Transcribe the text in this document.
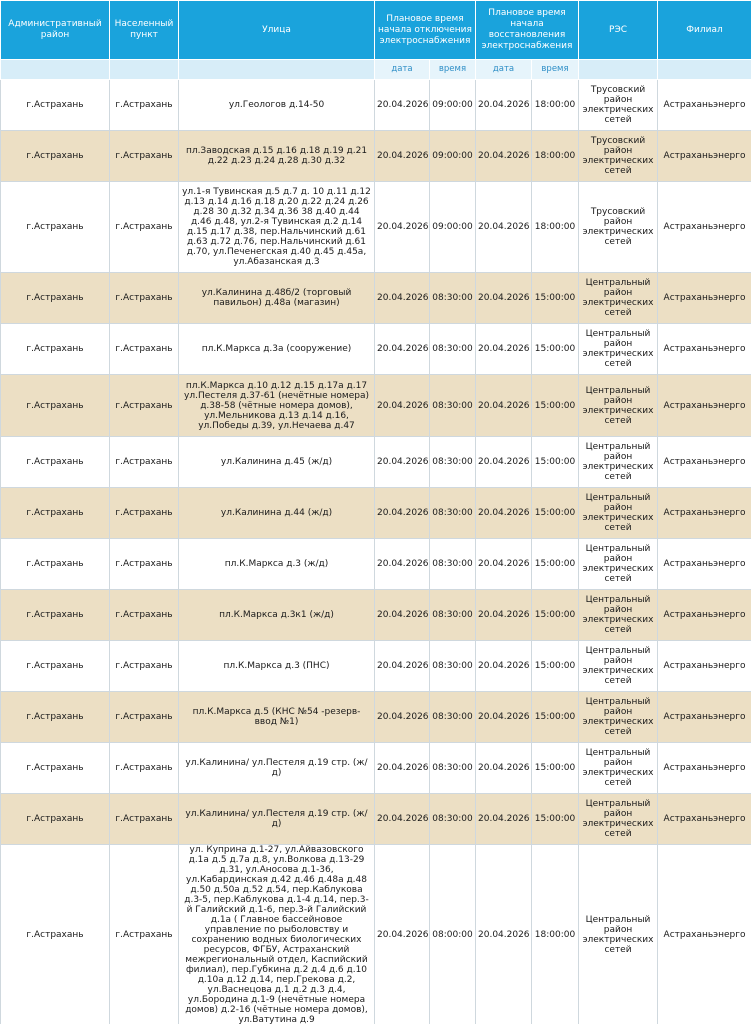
Административный район	Населенный пункт	Улица	Плановое время начала отключения электроснабжения		Плановое время начала восстановления электроснабжения		РЭС	Филиал
			дата	время	дата	время		
г.Астрахань	г.Астрахань	ул.Геологов д.14-50	20.04.2026	09:00:00	20.04.2026	18:00:00	Трусовский район электрических сетей	Астраханьэнерго
г.Астрахань	г.Астрахань	пл.Заводская д.15 д.16 д.18 д.19 д.21 д.22 д.23 д.24 д.28 д.30 д.32	20.04.2026	09:00:00	20.04.2026	18:00:00	Трусовский район электрических сетей	Астраханьэнерго
г.Астрахань	г.Астрахань	ул.1-я Тувинская д.5 д.7 д. 10 д.11 д.12 д.13 д.14 д.16 д.18 д.20 д.22 д.24 д.26 д.28 30 д.32 д.34 д.36 38 д.40 д.44 д.46 д.48, ул.2-я Тувинская д.2 д.14 д.15 д.17 д.38, пер.Нальчинский д.61 д.63 д.72 д.76, пер.Нальчинский д.61 д.70, ул.Печенегская д.40 д.45 д.45а, ул.Абазанская д.3	20.04.2026	09:00:00	20.04.2026	18:00:00	Трусовский район электрических сетей	Астраханьэнерго
г.Астрахань	г.Астрахань	ул.Калинина д.48б/2 (торговый павильон) д.48а (магазин)	20.04.2026	08:30:00	20.04.2026	15:00:00	Центральный район электрических сетей	Астраханьэнерго
г.Астрахань	г.Астрахань	пл.К.Маркса д.3а (сооружение)	20.04.2026	08:30:00	20.04.2026	15:00:00	Центральный район электрических сетей	Астраханьэнерго
г.Астрахань	г.Астрахань	пл.К.Маркса д.10 д.12 д.15 д.17а д.17 ул.Пестеля д.37-61 (нечётные номера) д.38-58 (чётные номера домов), ул.Мельникова д.13 д.14 д.16, ул.Победы д.39, ул.Нечаева д.47	20.04.2026	08:30:00	20.04.2026	15:00:00	Центральный район электрических сетей	Астраханьэнерго
г.Астрахань	г.Астрахань	ул.Калинина д.45 (ж/д)	20.04.2026	08:30:00	20.04.2026	15:00:00	Центральный район электрических сетей	Астраханьэнерго
г.Астрахань	г.Астрахань	ул.Калинина д.44 (ж/д)	20.04.2026	08:30:00	20.04.2026	15:00:00	Центральный район электрических сетей	Астраханьэнерго
г.Астрахань	г.Астрахань	пл.К.Маркса д.3 (ж/д)	20.04.2026	08:30:00	20.04.2026	15:00:00	Центральный район электрических сетей	Астраханьэнерго
г.Астрахань	г.Астрахань	пл.К.Маркса д.3к1 (ж/д)	20.04.2026	08:30:00	20.04.2026	15:00:00	Центральный район электрических сетей	Астраханьэнерго
г.Астрахань	г.Астрахань	пл.К.Маркса д.3 (ПНС)	20.04.2026	08:30:00	20.04.2026	15:00:00	Центральный район электрических сетей	Астраханьэнерго
г.Астрахань	г.Астрахань	пл.К.Маркса д.5 (КНС №54 -резерв-ввод №1)	20.04.2026	08:30:00	20.04.2026	15:00:00	Центральный район электрических сетей	Астраханьэнерго
г.Астрахань	г.Астрахань	ул.Калинина/ ул.Пестеля д.19 стр. (ж/д)	20.04.2026	08:30:00	20.04.2026	15:00:00	Центральный район электрических сетей	Астраханьэнерго
г.Астрахань	г.Астрахань	ул.Калинина/ ул.Пестеля д.19 стр. (ж/д)	20.04.2026	08:30:00	20.04.2026	15:00:00	Центральный район электрических сетей	Астраханьэнерго
г.Астрахань	г.Астрахань	ул. Куприна д.1-27, ул.Айвазовского д.1а д.5 д.7а д.8, ул.Волкова д.13-29 д.31, ул.Аносова д.1-36, ул.Кабардинская д.42 д.46 д.48а д.48 д.50 д.50а д.52 д.54, пер.Каблукова д.3-5, пер.Каблукова д.1-4 д.14, пер.3-й Галийский д.1-6, пер.3-й Галийский д.1а ( Главное бассейновое управление по рыболовству и сохранению водных биологических ресурсов, ФГБУ, Астраханский межрегиональный отдел, Каспийский филиал), пер.Губкина д.2 д.4 д.6 д.10 д.10а д.12 д.14, пер.Грекова д.2, ул.Васнецова д.1 д.2 д.3 д.4, ул.Бородина д.1-9 (нечётные номера домов) д.2-16 (чётные номера домов), ул.Ватутина д.9	20.04.2026	08:00:00	20.04.2026	18:00:00	Центральный район электрических сетей	Астраханьэнерго
